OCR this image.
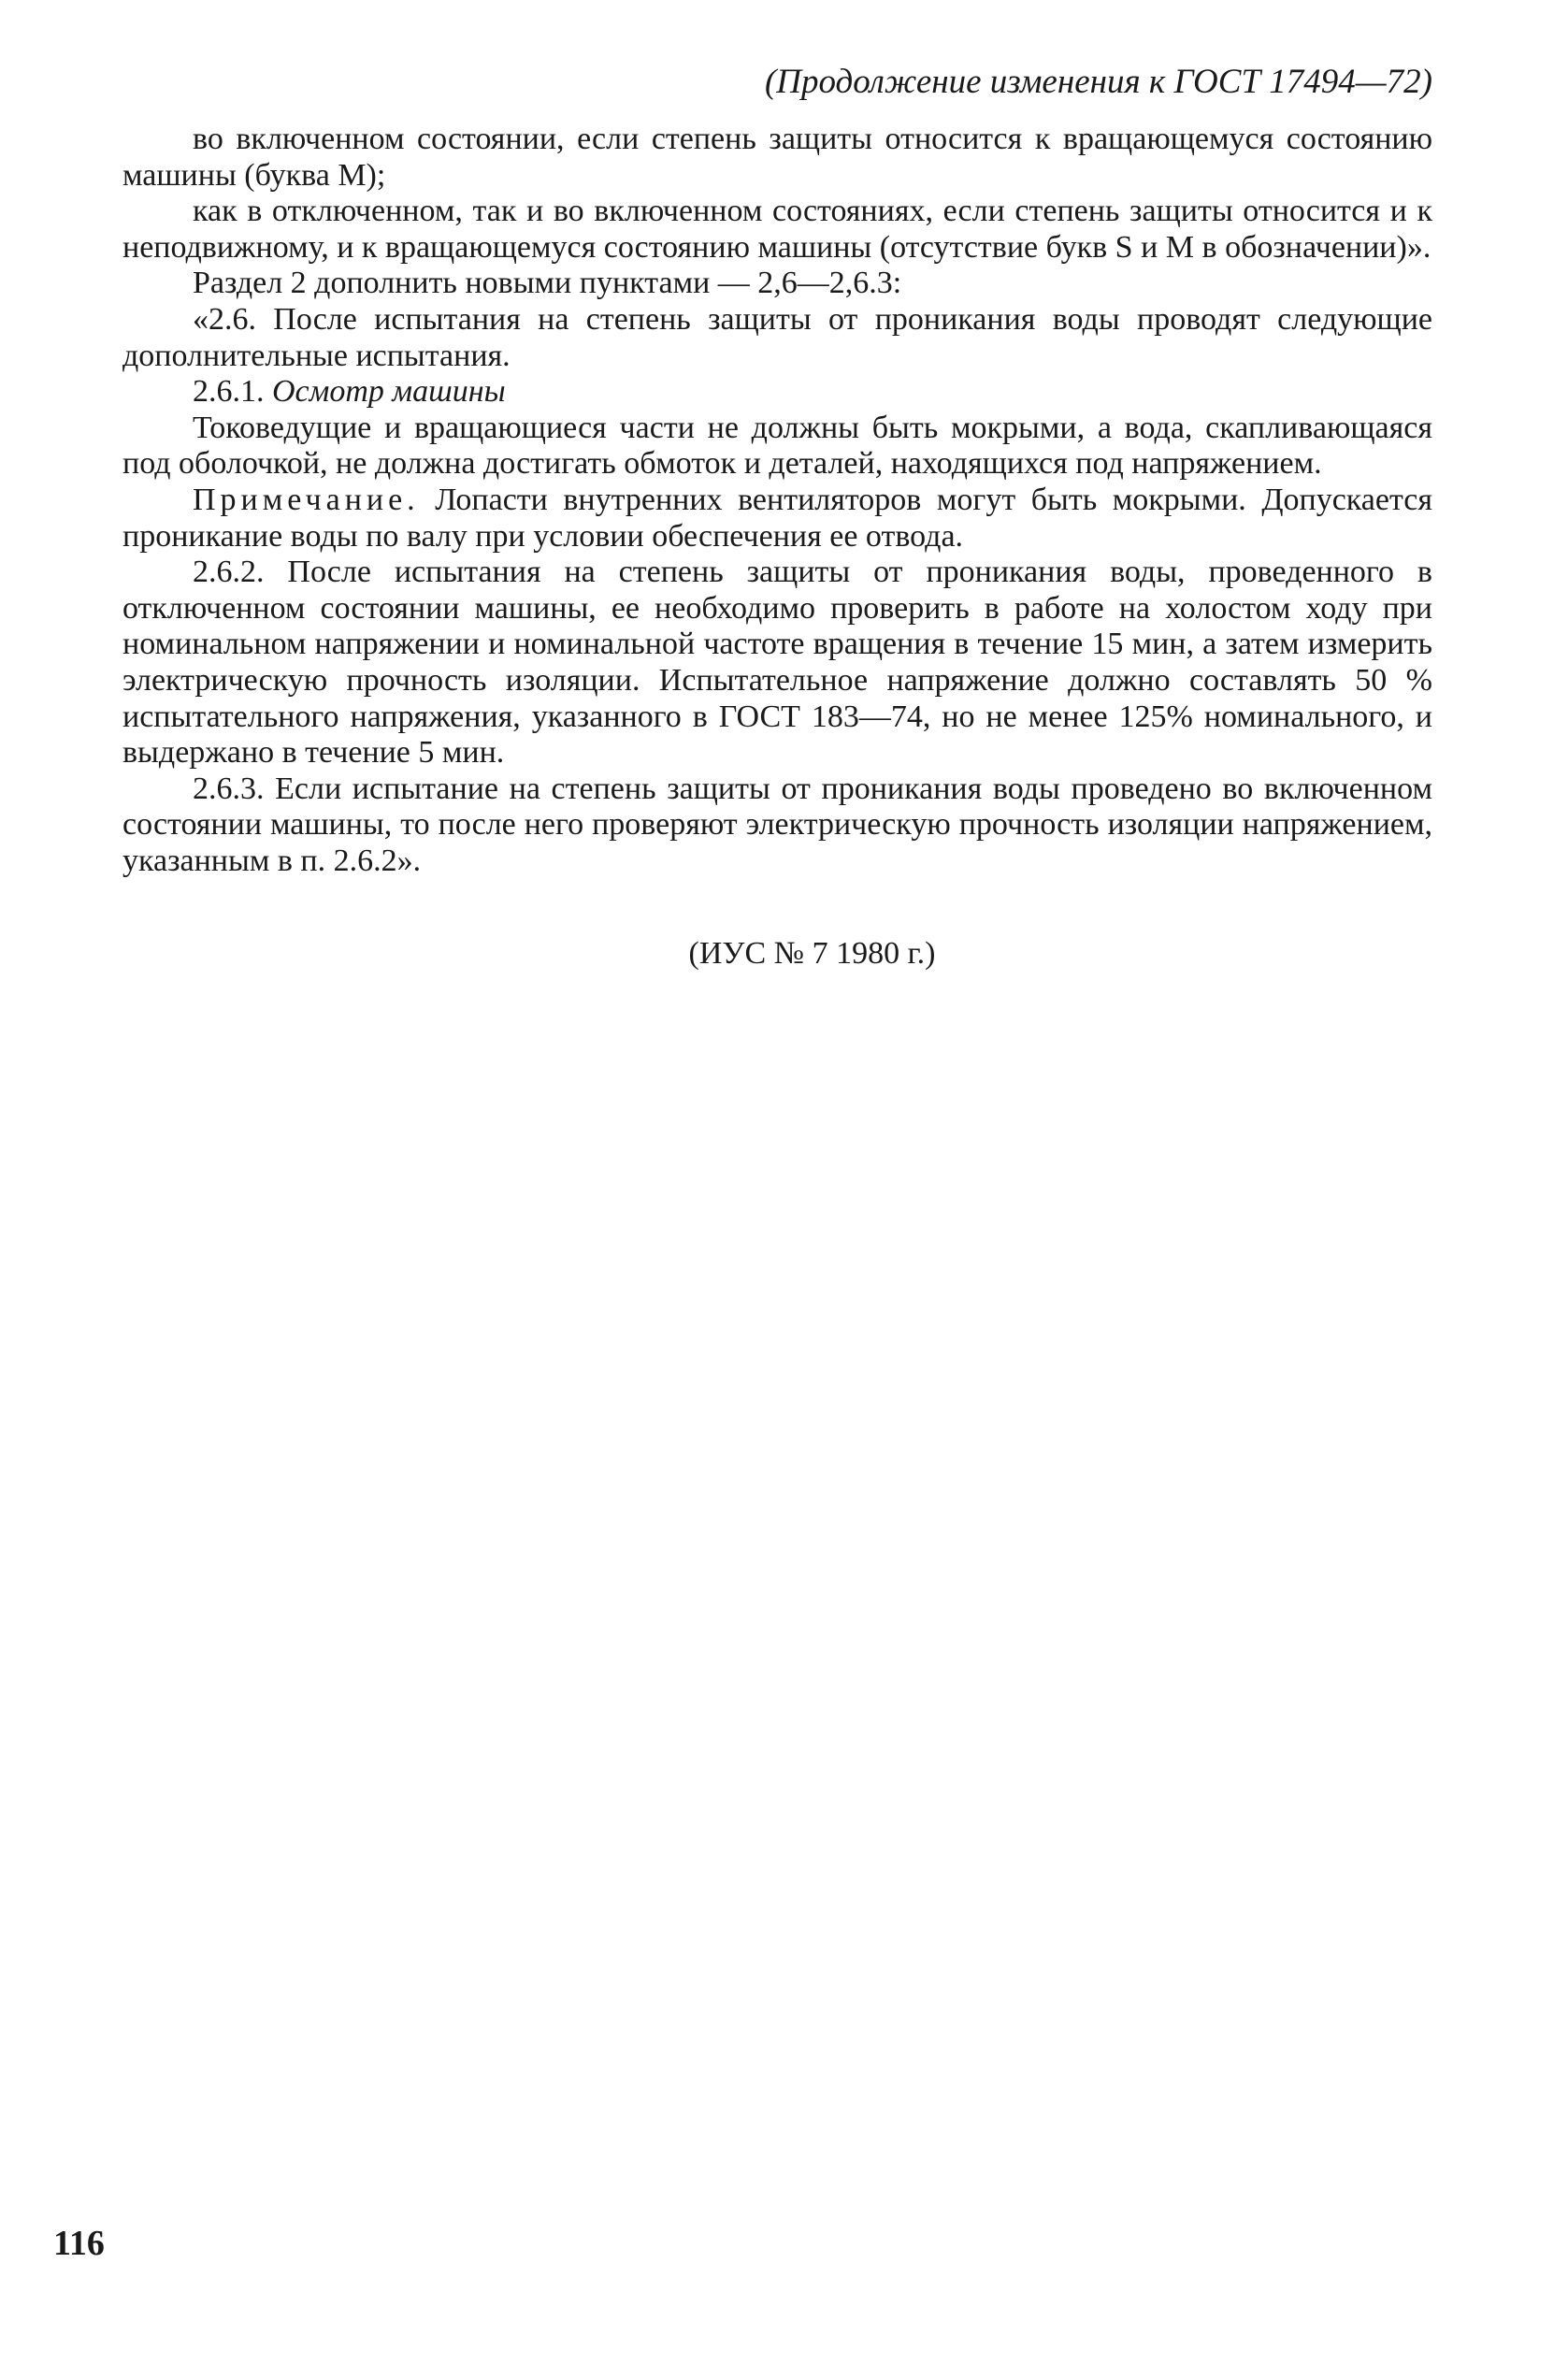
(Продолжение изменения к ГОСТ 17494—72)

во включенном состоянии, если степень защиты относится к вращающемуся состоянию машины (буква М);

как в отключенном, так и во включенном состояниях, если степень защиты относится и к неподвижному, и к вращающемуся состоянию машины (отсутствие букв S и М в обозначении)».

Раздел 2 дополнить новыми пунктами — 2,6—2,6.3:

«2.6. После испытания на степень защиты от проникания воды проводят следующие дополнительные испытания.

2.6.1. Осмотр машины

Токоведущие и вращающиеся части не должны быть мокрыми, а вода, скапливающаяся под оболочкой, не должна достигать обмоток и деталей, находящихся под напряжением.

Примечание. Лопасти внутренних вентиляторов могут быть мокрыми. Допускается проникание воды по валу при условии обеспечения ее отвода.

2.6.2. После испытания на степень защиты от проникания воды, проведенного в отключенном состоянии машины, ее необходимо проверить в работе на холостом ходу при номинальном напряжении и номинальной частоте вращения в течение 15 мин, а затем измерить электрическую прочность изоляции. Испытательное напряжение должно составлять 50 % испытательного напряжения, указанного в ГОСТ 183—74, но не менее 125% номинального, и выдержано в течение 5 мин.

2.6.3. Если испытание на степень защиты от проникания воды проведено во включенном состоянии машины, то после него проверяют электрическую прочность изоляции напряжением, указанным в п. 2.6.2».

(ИУС № 7 1980 г.)
116
